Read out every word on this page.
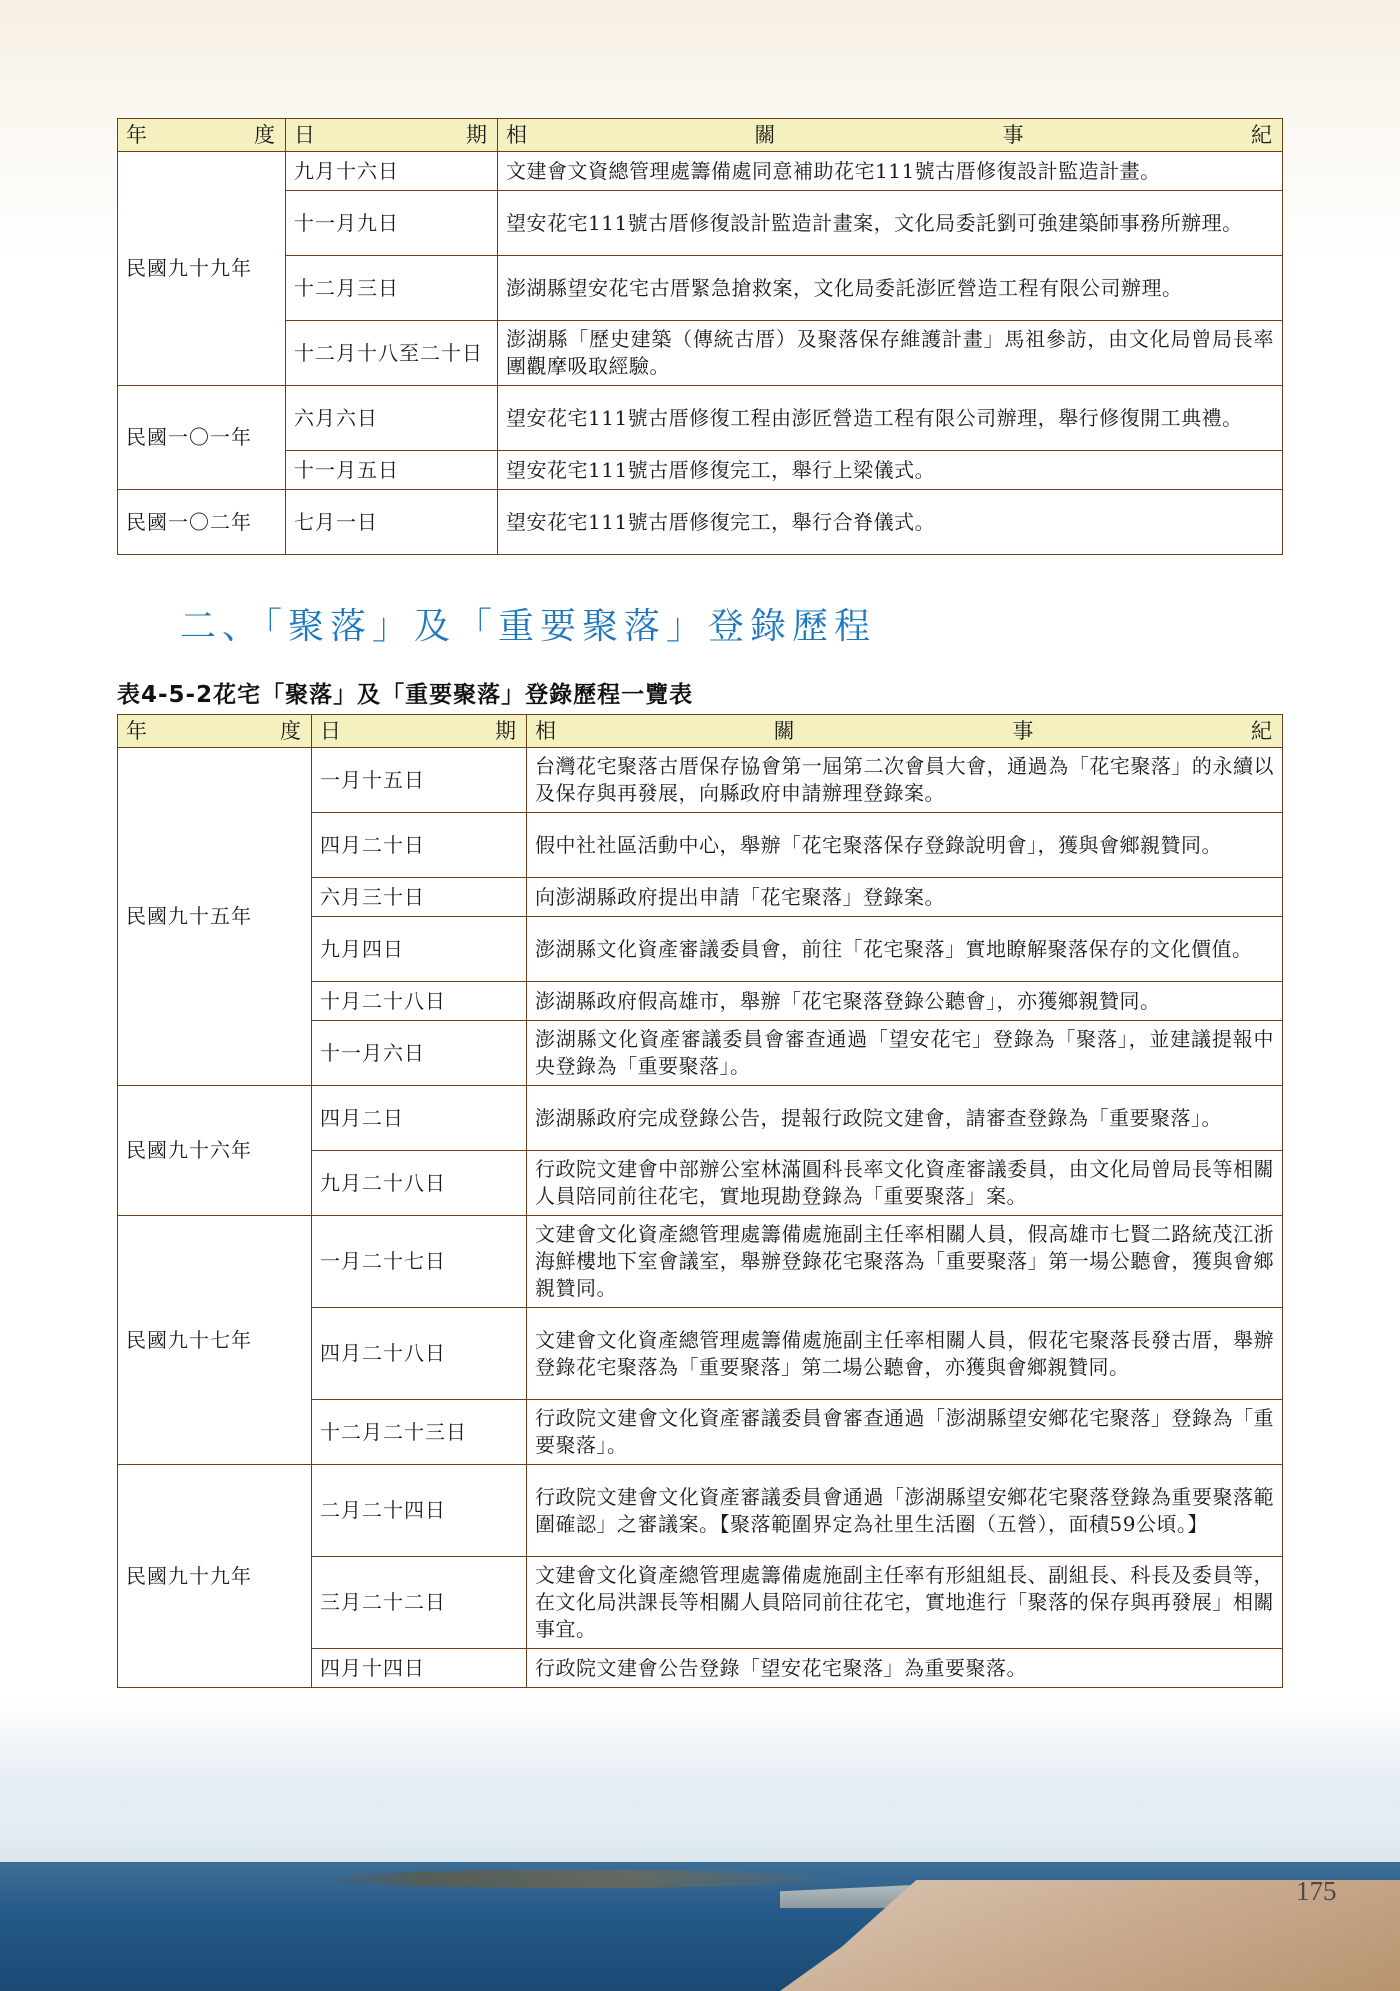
年　　　　度	日　　　　期	相　　　　關　　　　事　　　　紀
民國九十九年	九月十六日	文建會文資總管理處籌備處同意補助花宅111號古厝修復設計監造計畫。
	十一月九日	望安花宅111號古厝修復設計監造計畫案，文化局委託劉可強建築師事務所辦理。
	十二月三日	澎湖縣望安花宅古厝緊急搶救案，文化局委託澎匠營造工程有限公司辦理。
	十二月十八至二十日	澎湖縣「歷史建築（傳統古厝）及聚落保存維護計畫」馬祖參訪，由文化局曾局長率團觀摩吸取經驗。
民國一〇一年	六月六日	望安花宅111號古厝修復工程由澎匠營造工程有限公司辦理，舉行修復開工典禮。
	十一月五日	望安花宅111號古厝修復完工，舉行上梁儀式。
民國一〇二年	七月一日	望安花宅111號古厝修復完工，舉行合脊儀式。
二、「聚落」及「重要聚落」登錄歷程
表4-5-2花宅「聚落」及「重要聚落」登錄歷程一覽表
年　　　　度	日　　　　期	相　　　　關　　　　事　　　　紀
民國九十五年	一月十五日	台灣花宅聚落古厝保存協會第一屆第二次會員大會，通過為「花宅聚落」的永續以及保存與再發展，向縣政府申請辦理登錄案。
	四月二十日	假中社社區活動中心，舉辦「花宅聚落保存登錄說明會」，獲與會鄉親贊同。
	六月三十日	向澎湖縣政府提出申請「花宅聚落」登錄案。
	九月四日	澎湖縣文化資產審議委員會，前往「花宅聚落」實地瞭解聚落保存的文化價值。
	十月二十八日	澎湖縣政府假高雄市，舉辦「花宅聚落登錄公聽會」，亦獲鄉親贊同。
	十一月六日	澎湖縣文化資產審議委員會審查通過「望安花宅」登錄為「聚落」，並建議提報中央登錄為「重要聚落」。
民國九十六年	四月二日	澎湖縣政府完成登錄公告，提報行政院文建會，請審查登錄為「重要聚落」。
	九月二十八日	行政院文建會中部辦公室林滿圓科長率文化資產審議委員，由文化局曾局長等相關人員陪同前往花宅，實地現勘登錄為「重要聚落」案。
民國九十七年	一月二十七日	文建會文化資產總管理處籌備處施副主任率相關人員，假高雄市七賢二路統茂江浙海鮮樓地下室會議室，舉辦登錄花宅聚落為「重要聚落」第一場公聽會，獲與會鄉親贊同。
	四月二十八日	文建會文化資產總管理處籌備處施副主任率相關人員，假花宅聚落長發古厝，舉辦登錄花宅聚落為「重要聚落」第二場公聽會，亦獲與會鄉親贊同。
	十二月二十三日	行政院文建會文化資產審議委員會審查通過「澎湖縣望安鄉花宅聚落」登錄為「重要聚落」。
民國九十九年	二月二十四日	行政院文建會文化資產審議委員會通過「澎湖縣望安鄉花宅聚落登錄為重要聚落範圍確認」之審議案。【聚落範圍界定為社里生活圈（五營），面積59公頃。】
	三月二十二日	文建會文化資產總管理處籌備處施副主任率有形組組長、副組長、科長及委員等，在文化局洪課長等相關人員陪同前往花宅，實地進行「聚落的保存與再發展」相關事宜。
	四月十四日	行政院文建會公告登錄「望安花宅聚落」為重要聚落。
175
